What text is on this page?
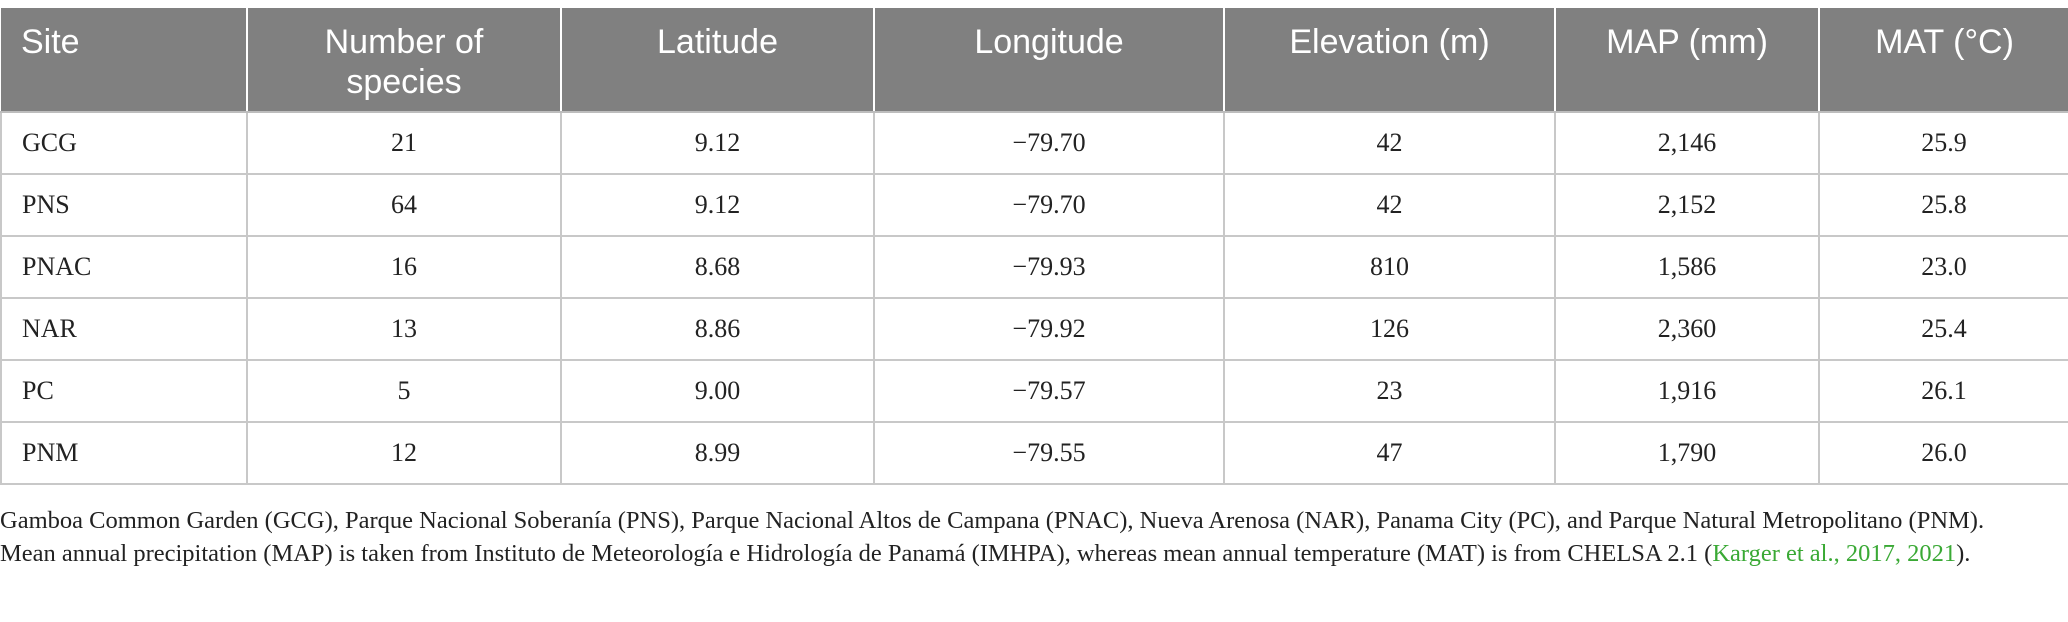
Site	Number of species	Latitude	Longitude	Elevation (m)	MAP (mm)	MAT (°C)
GCG	21	9.12	−79.70	42	2,146	25.9
PNS	64	9.12	−79.70	42	2,152	25.8
PNAC	16	8.68	−79.93	810	1,586	23.0
NAR	13	8.86	−79.92	126	2,360	25.4
PC	5	9.00	−79.57	23	1,916	26.1
PNM	12	8.99	−79.55	47	1,790	26.0
Gamboa Common Garden (GCG), Parque Nacional Soberanía (PNS), Parque Nacional Altos de Campana (PNAC), Nueva Arenosa (NAR), Panama City (PC), and Parque Natural Metropolitano (PNM). Mean annual precipitation (MAP) is taken from Instituto de Meteorología e Hidrología de Panamá (IMHPA), whereas mean annual temperature (MAT) is from CHELSA 2.1 (Karger et al., 2017, 2021).
